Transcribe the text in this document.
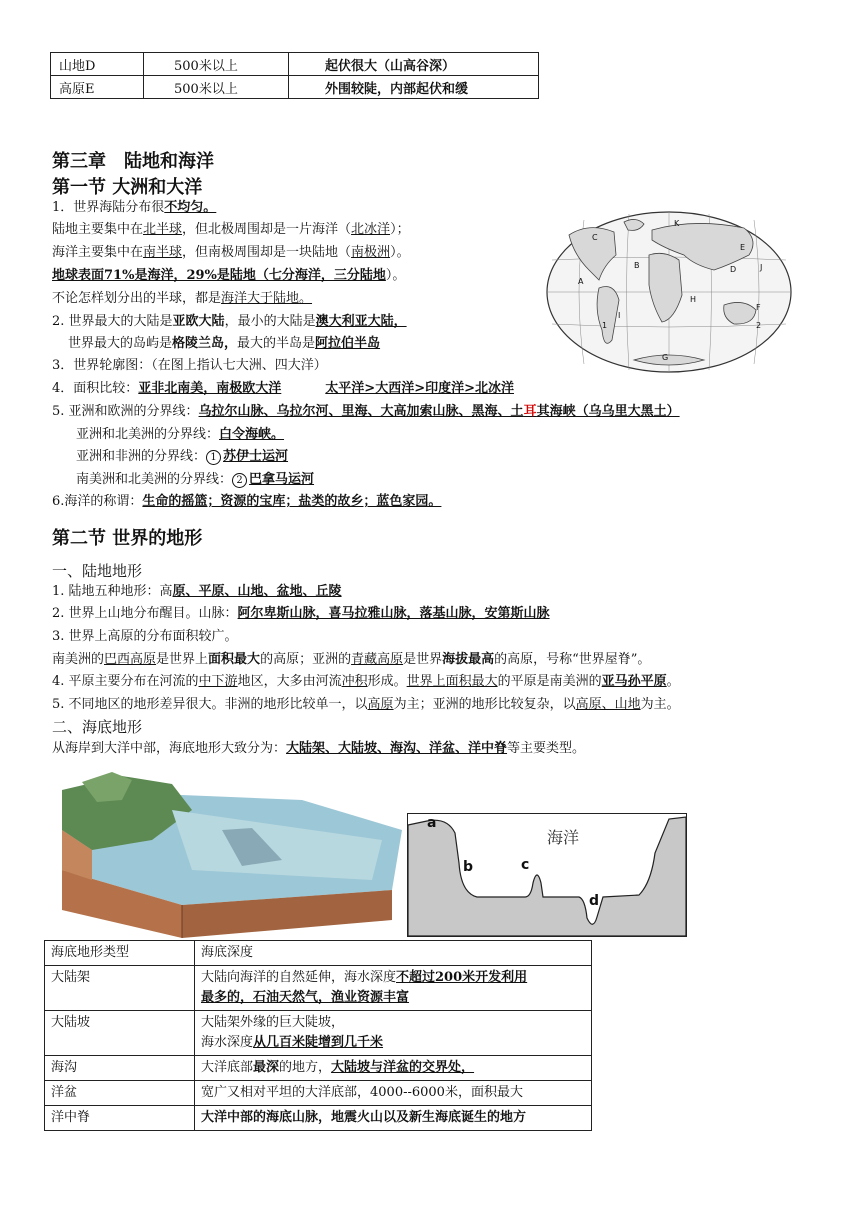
山地D	500米以上	起伏很大（山高谷深）
高原E	500米以上	外围较陡，内部起伏和缓
第三章　陆地和海洋
第一节 大洲和大洋
1．世界海陆分布很不均匀。
陆地主要集中在北半球，但北极周围却是一片海洋（北冰洋）；
海洋主要集中在南半球，但南极周围却是一块陆地（南极洲）。
地球表面71%是海洋，29%是陆地（七分海洋，三分陆地）。
不论怎样划分出的半球，都是海洋大于陆地。
2. 世界最大的大陆是亚欧大陆，最小的大陆是澳大利亚大陆，
世界最大的岛屿是格陵兰岛，最大的半岛是阿拉伯半岛
3．世界轮廓图：（在图上指认七大洲、四大洋）
4．面积比较：亚非北南美，南极欧大洋	太平洋>大西洋>印度洋>北冰洋
5. 亚洲和欧洲的分界线：乌拉尔山脉、乌拉尔河、里海、大高加索山脉、黑海、土耳其海峡（乌乌里大黑土）
亚洲和北美洲的分界线：白令海峡。
亚洲和非洲的分界线： 1 苏伊士运河
南美洲和北美洲的分界线： 2 巴拿马运河
6.海洋的称谓：生命的摇篮；资源的宝库；盐类的故乡；蓝色家园。
A
B
C
D
E
F
G
H
I
J
K
1	2
第二节 世界的地形
一、陆地地形
1. 陆地五种地形：高原、平原、山地、盆地、丘陵
2. 世界上山地分布醒目。山脉：阿尔卑斯山脉，喜马拉雅山脉，落基山脉，安第斯山脉
3. 世界上高原的分布面积较广。
南美洲的巴西高原是世界上面积最大的高原；亚洲的青藏高原是世界海拔最高的高原，号称“世界屋脊”。
4. 平原主要分布在河流的中下游地区，大多由河流冲积形成。世界上面积最大的平原是南美洲的亚马孙平原。
5. 不同地区的地形差异很大。非洲的地形比较单一，以高原为主；亚洲的地形比较复杂，以高原、山地为主。
二、海底地形
从海岸到大洋中部，海底地形大致分为：大陆架、大陆坡、海沟、洋盆、洋中脊等主要类型。
海洋
a
b	c
d
海底地形类型	海底深度
大陆架	大陆向海洋的自然延伸，海水深度不超过200米开发利用
最多的，石油天然气，渔业资源丰富
大陆坡	大陆架外缘的巨大陡坡，
海水深度从几百米陡增到几千米
海沟	大洋底部最深的地方，大陆坡与洋盆的交界处，
洋盆	宽广又相对平坦的大洋底部，4000--6000米，面积最大
洋中脊	大洋中部的海底山脉，地震火山以及新生海底诞生的地方
